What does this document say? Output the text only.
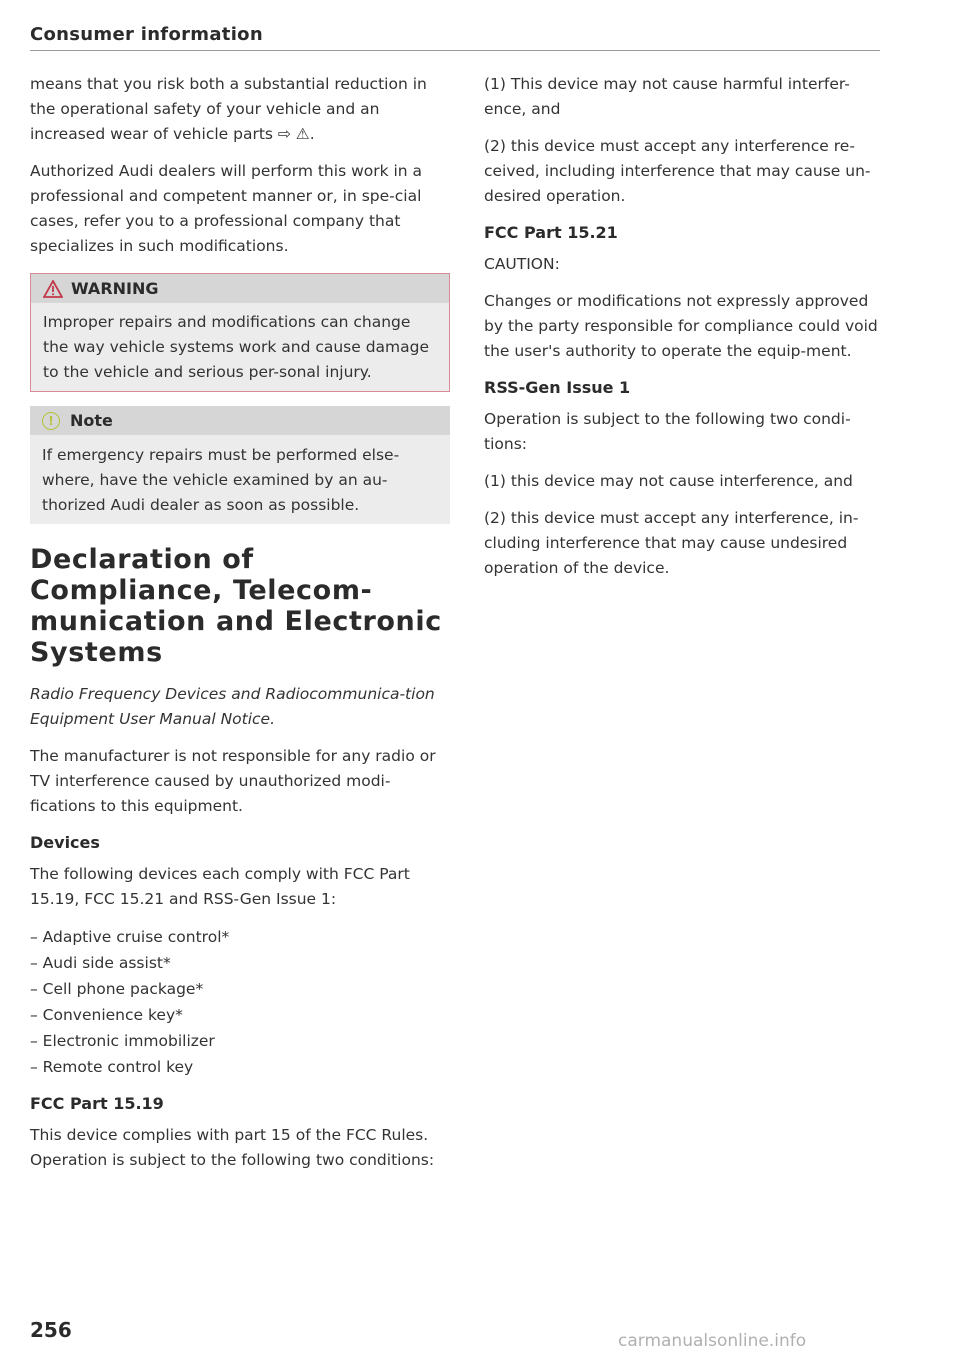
Consumer information

means that you risk both a substantial reduction in the operational safety of your vehicle and an increased wear of vehicle parts ⇨ ⚠.

Authorized Audi dealers will perform this work in a professional and competent manner or, in spe-cial cases, refer you to a professional company that specializes in such modifications.

WARNING
Improper repairs and modifications can change the way vehicle systems work and cause damage to the vehicle and serious per-sonal injury.
!	Note
If emergency repairs must be performed else-where, have the vehicle examined by an au-thorized Audi dealer as soon as possible.
Declaration of Compliance, Telecom-munication and Electronic Systems

Radio Frequency Devices and Radiocommunica-tion Equipment User Manual Notice.

The manufacturer is not responsible for any radio or TV interference caused by unauthorized modi-fications to this equipment.

Devices

The following devices each comply with FCC Part 15.19, FCC 15.21 and RSS-Gen Issue 1:

– Adaptive cruise control*
– Audi side assist*
– Cell phone package*
– Convenience key*
– Electronic immobilizer
– Remote control key
FCC Part 15.19

This device complies with part 15 of the FCC Rules. Operation is subject to the following two conditions:

(1) This device may not cause harmful interfer-ence, and

(2) this device must accept any interference re-ceived, including interference that may cause un-desired operation.

FCC Part 15.21

CAUTION:

Changes or modifications not expressly approved by the party responsible for compliance could void the user's authority to operate the equip-ment.

RSS-Gen Issue 1

Operation is subject to the following two condi-tions:

(1) this device may not cause interference, and

(2) this device must accept any interference, in-cluding interference that may cause undesired operation of the device.

256	carmanualsonline.info
